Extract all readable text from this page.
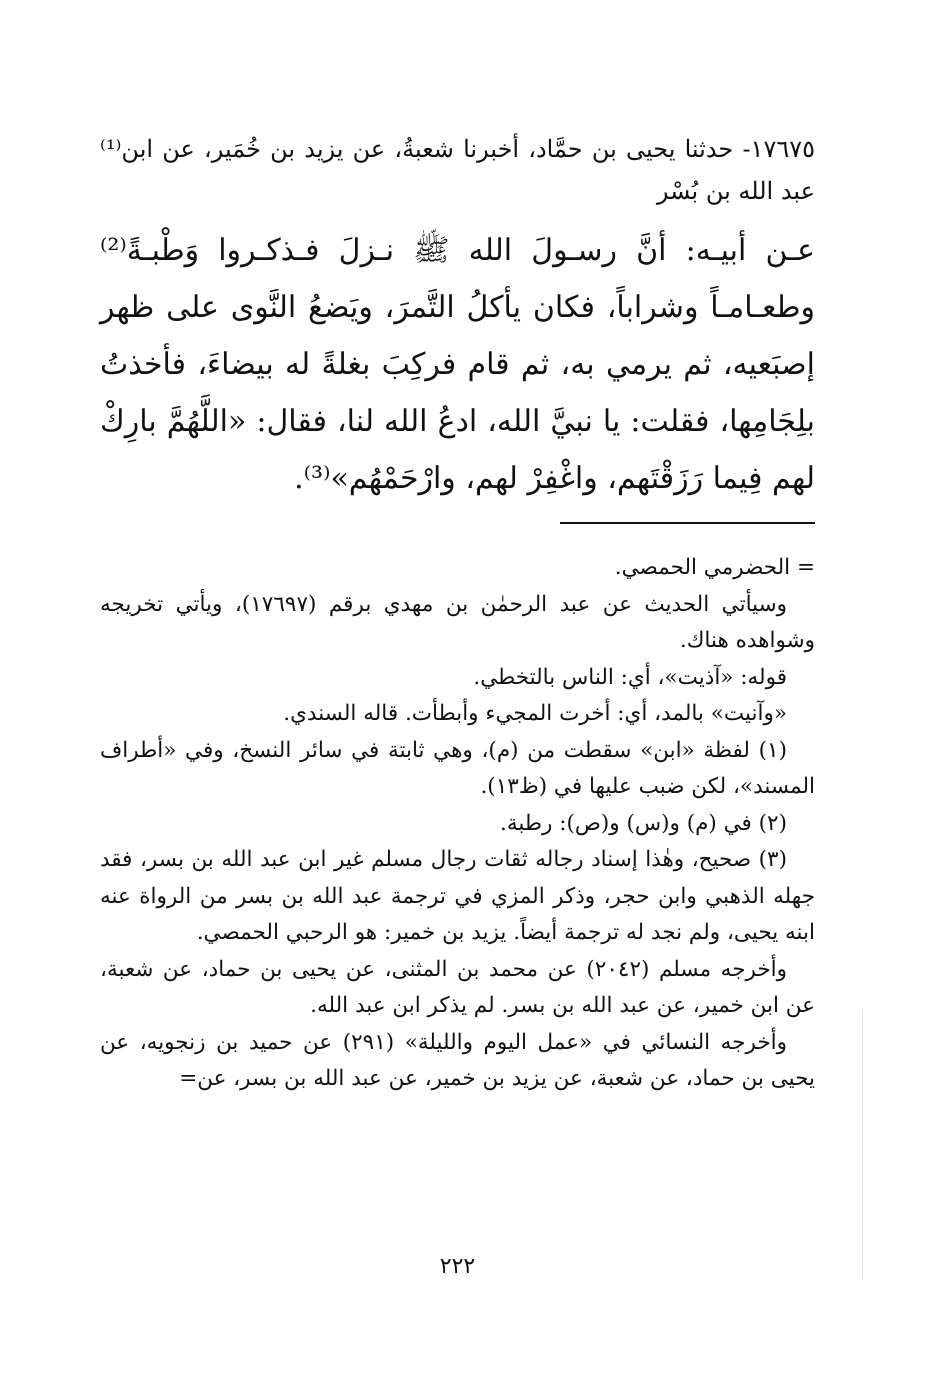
١٧٦٧٥- حدثنا يحيى بن حمَّاد، أخبرنا شعبةُ، عن يزيد بن خُمَير، عن ابن⁽¹⁾ عبد الله بن بُسْر
عـن أبيـه: أنَّ رسـولَ الله ﷺ نـزلَ فـذكـروا وَطْبـةً⁽²⁾ وطعـامـاً وشراباً، فكان يأكلُ التَّمرَ، ويَضعُ النَّوى على ظهر إصبَعيه، ثم يرمي به، ثم قام فركِبَ بغلةً له بيضاءَ، فأخذتُ بلِجَامِها، فقلت: يا نبيَّ الله، ادعُ الله لنا، فقال: «اللَّهُمَّ بارِكْ لهم فِيما رَزَقْتَهم، واغْفِرْ لهم، وارْحَمْهُم»⁽³⁾.

= الحضرمي الحمصي.

وسيأتي الحديث عن عبد الرحمٰن بن مهدي برقم (١٧٦٩٧)، ويأتي تخريجه وشواهده هناك.

قوله: «آذيت»، أي: الناس بالتخطي.

«وآنيت» بالمد، أي: أخرت المجيء وأبطأت. قاله السندي.

(١) لفظة «ابن» سقطت من (م)، وهي ثابتة في سائر النسخ، وفي «أطراف المسند»، لكن ضبب عليها في (ظ١٣).

(٢) في (م) و(س) و(ص): رطبة.

(٣) صحيح، وهٰذا إسناد رجاله ثقات رجال مسلم غير ابن عبد الله بن بسر، فقد جهله الذهبي وابن حجر، وذكر المزي في ترجمة عبد الله بن بسر من الرواة عنه ابنه يحيى، ولم نجد له ترجمة أيضاً. يزيد بن خمير: هو الرحبي الحمصي.

وأخرجه مسلم (٢٠٤٢) عن محمد بن المثنى، عن يحيى بن حماد، عن شعبة، عن ابن خمير، عن عبد الله بن بسر. لم يذكر ابن عبد الله.

وأخرجه النسائي في «عمل اليوم والليلة» (٢٩١) عن حميد بن زنجويه، عن يحيى بن حماد، عن شعبة، عن يزيد بن خمير، عن عبد الله بن بسر، عن=

٢٢٢
